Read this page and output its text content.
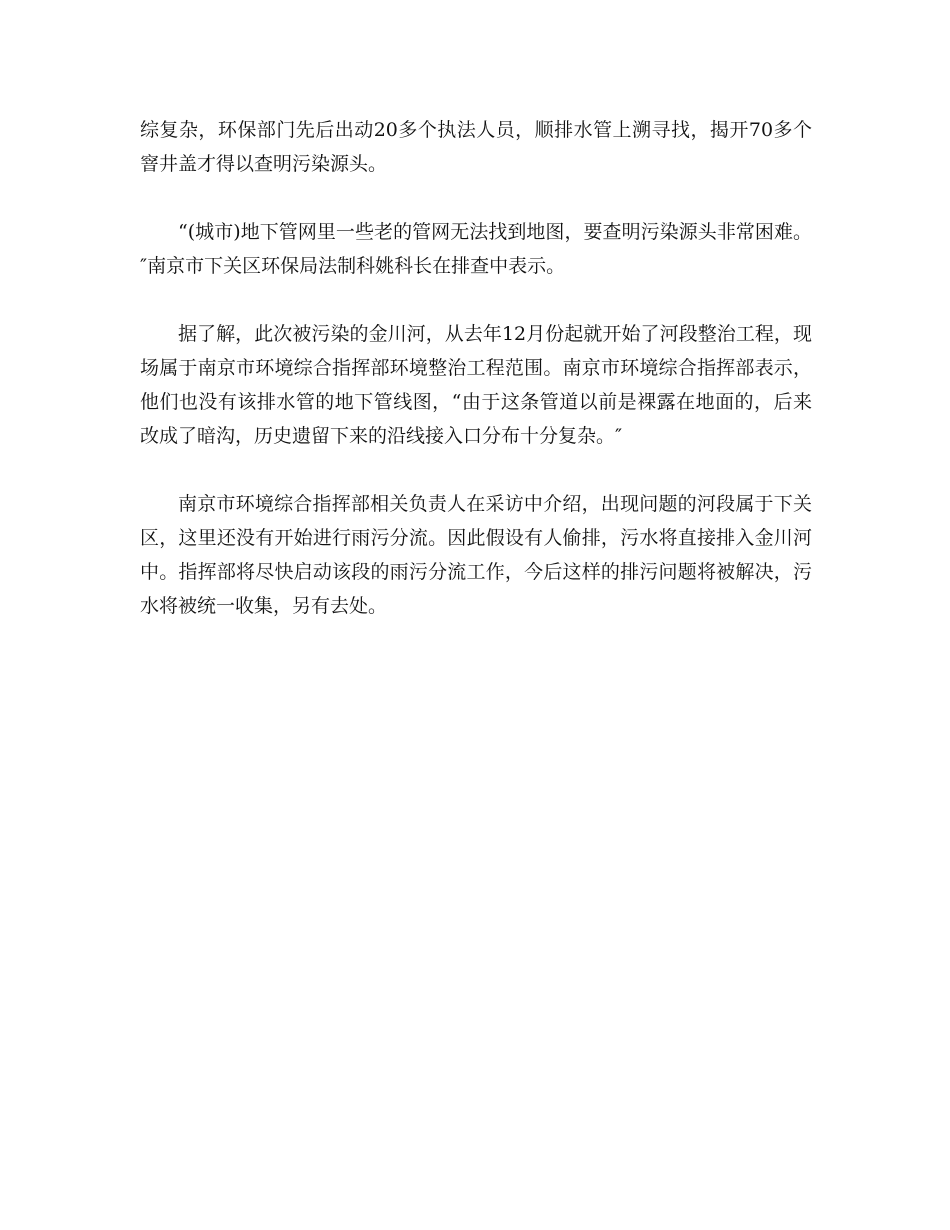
综复杂，环保部门先后出动20多个执法人员，顺排水管上溯寻找，揭开70多个窨井盖才得以查明污染源头。

“(城市)地下管网里一些老的管网无法找到地图，要查明污染源头非常困难。″南京市下关区环保局法制科姚科长在排查中表示。

据了解，此次被污染的金川河，从去年12月份起就开始了河段整治工程，现场属于南京市环境综合指挥部环境整治工程范围。南京市环境综合指挥部表示，他们也没有该排水管的地下管线图，“由于这条管道以前是裸露在地面的，后来改成了暗沟，历史遗留下来的沿线接入口分布十分复杂。″

南京市环境综合指挥部相关负责人在采访中介绍，出现问题的河段属于下关区，这里还没有开始进行雨污分流。因此假设有人偷排，污水将直接排入金川河中。指挥部将尽快启动该段的雨污分流工作，今后这样的排污问题将被解决，污水将被统一收集，另有去处。
